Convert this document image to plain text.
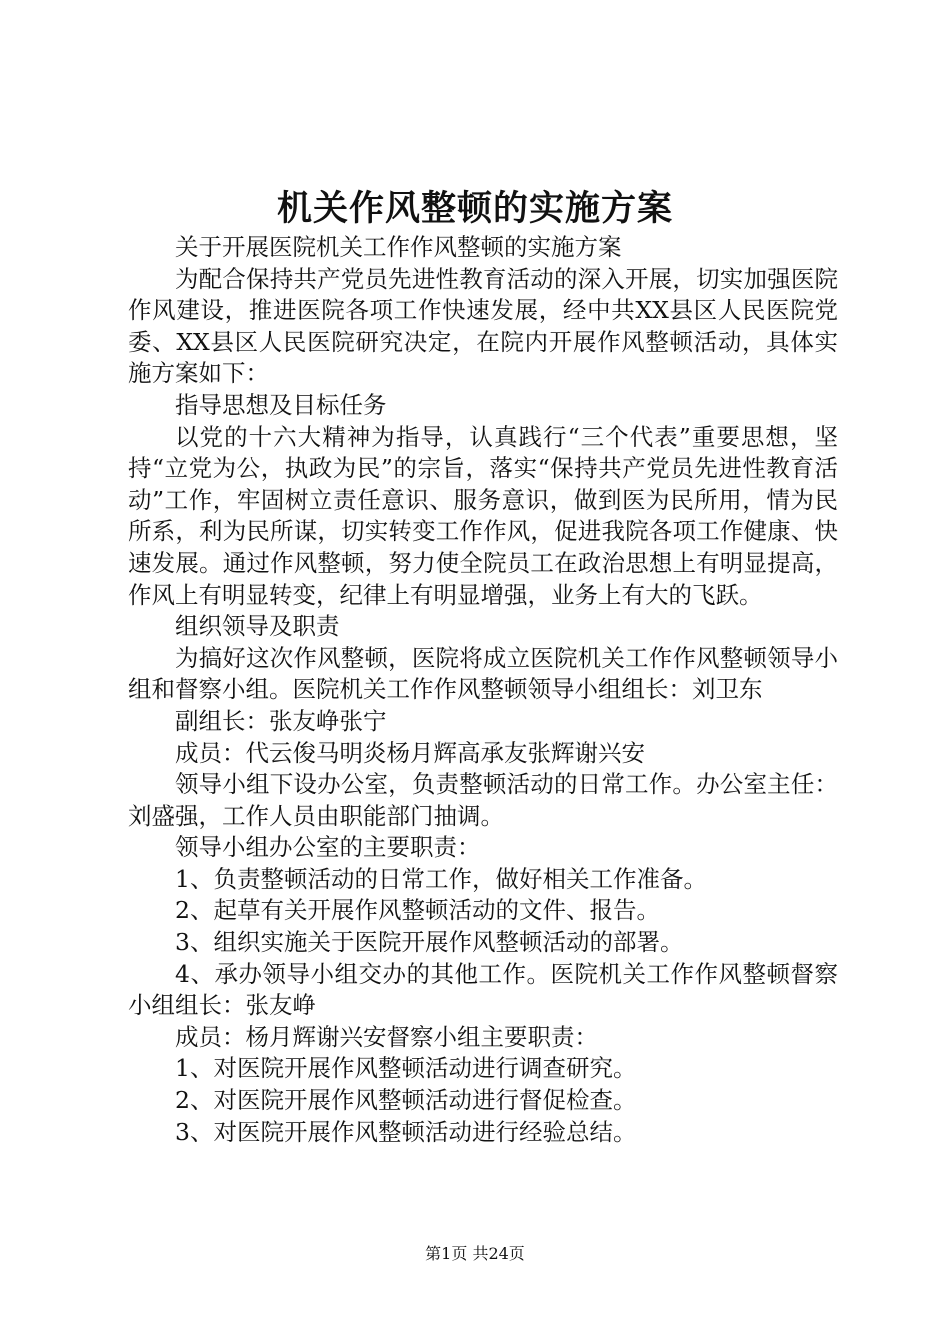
机关作风整顿的实施方案

关于开展医院机关工作作风整顿的实施方案

为配合保持共产党员先进性教育活动的深入开展，切实加强医院作风建设，推进医院各项工作快速发展，经中共XX县区人民医院党委、XX县区人民医院研究决定，在院内开展作风整顿活动，具体实施方案如下：

指导思想及目标任务

以党的十六大精神为指导，认真践行“三个代表”重要思想，坚持“立党为公，执政为民”的宗旨，落实“保持共产党员先进性教育活动”工作，牢固树立责任意识、服务意识，做到医为民所用，情为民所系，利为民所谋，切实转变工作作风，促进我院各项工作健康、快速发展。通过作风整顿，努力使全院员工在政治思想上有明显提高，作风上有明显转变，纪律上有明显增强，业务上有大的飞跃。

组织领导及职责

为搞好这次作风整顿，医院将成立医院机关工作作风整顿领导小组和督察小组。医院机关工作作风整顿领导小组组长：刘卫东

副组长：张友峥张宁

成员：代云俊马明炎杨月辉高承友张辉谢兴安

领导小组下设办公室，负责整顿活动的日常工作。办公室主任：刘盛强，工作人员由职能部门抽调。

领导小组办公室的主要职责：

1、负责整顿活动的日常工作，做好相关工作准备。

2、起草有关开展作风整顿活动的文件、报告。

3、组织实施关于医院开展作风整顿活动的部署。

4、承办领导小组交办的其他工作。医院机关工作作风整顿督察小组组长：张友峥

成员：杨月辉谢兴安督察小组主要职责：

1、对医院开展作风整顿活动进行调查研究。

2、对医院开展作风整顿活动进行督促检查。

3、对医院开展作风整顿活动进行经验总结。

第1页 共24页
